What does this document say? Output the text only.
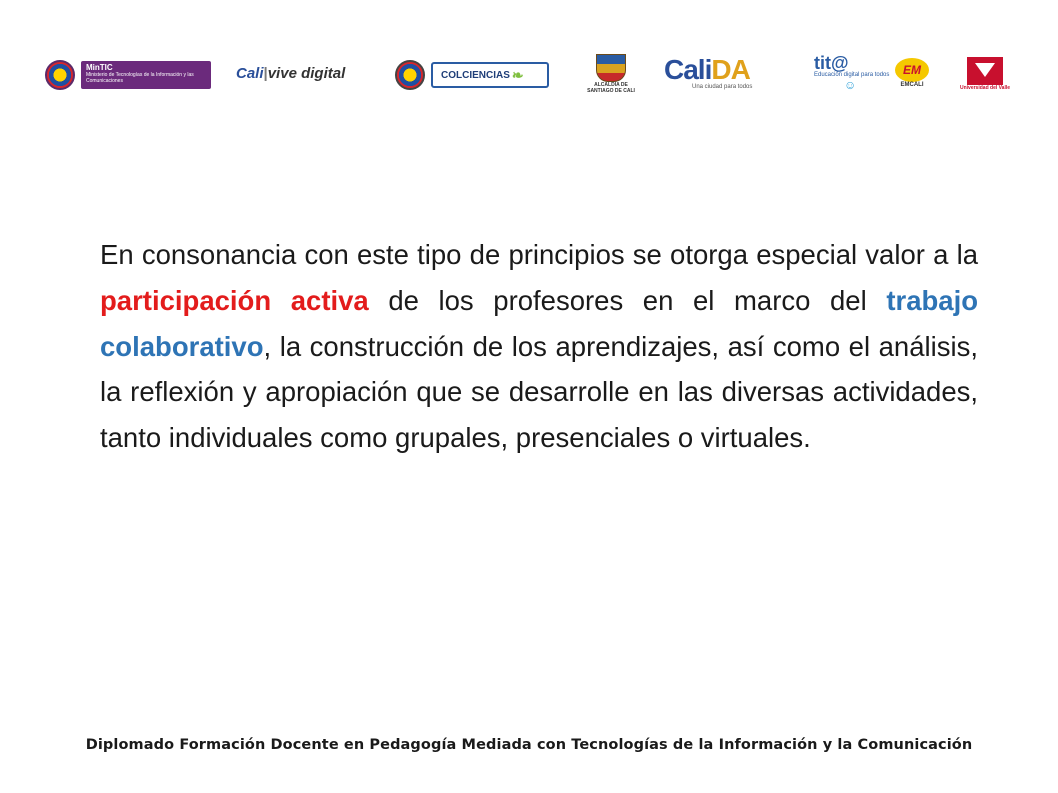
MinTIC
Ministerio de Tecnologías de la Información y las Comunicaciones	Cali | vive digital	COLCIENCIAS ❧
ALCALDÍA DE SANTIAGO DE CALI
CaliDA
Una ciudad para todos
tit@
Educación digital para todos
☺
EM
EMCALI	Universidad del Valle
En consonancia con este tipo de principios se otorga especial valor a la participación activa de los profesores en el marco del trabajo colaborativo, la construcción de los aprendizajes, así como el análisis, la reflexión y apropiación que se desarrolle en las diversas actividades, tanto individuales como grupales, presenciales o virtuales.
Diplomado Formación Docente en Pedagogía Mediada con Tecnologías de la Información y la Comunicación
